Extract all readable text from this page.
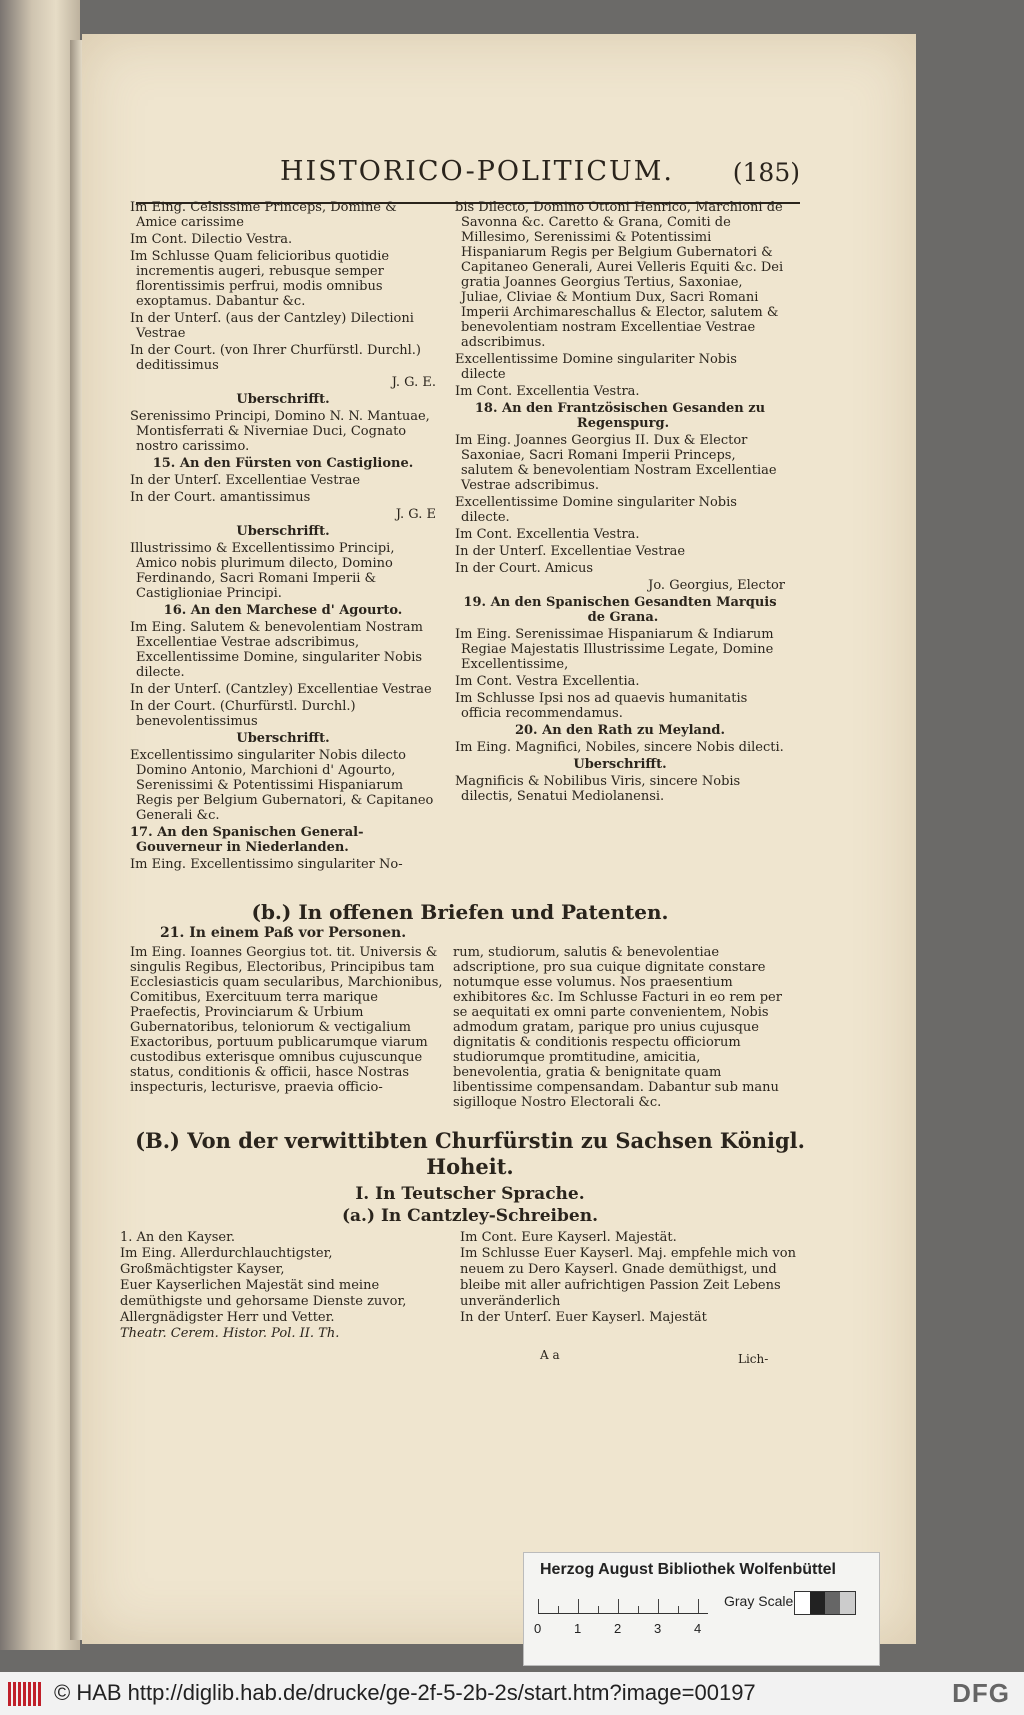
HISTORICO-POLITICUM. (185)

Im Eing. Celsissime Princeps, Domine & Amice carissime

Im Cont. Dilectio Vestra.

Im Schlusse Quam felicioribus quotidie incrementis augeri, rebusque semper florentissimis perfrui, modis omnibus exoptamus. Dabantur &c.

In der Unterſ. (aus der Cantzley) Dilectioni Vestrae

In der Court. (von Ihrer Churfürstl. Durchl.) deditissimus

J. G. E.

Uberschrifft.

Serenissimo Principi, Domino N. N. Mantuae, Montisferrati & Niverniae Duci, Cognato nostro carissimo.

15. An den Fürsten von Castiglione.

In der Unterſ. Excellentiae Vestrae

In der Court. amantissimus

J. G. E

Uberschrifft.

Illustrissimo & Excellentissimo Principi, Amico nobis plurimum dilecto, Domino Ferdinando, Sacri Romani Imperii & Castiglioniae Principi.

16. An den Marchese d' Agourto.

Im Eing. Salutem & benevolentiam Nostram Excellentiae Vestrae adscribimus, Excellentissime Domine, singulariter Nobis dilecte.

In der Unterſ. (Cantzley) Excellentiae Vestrae

In der Court. (Churfürstl. Durchl.) benevolentissimus

Uberschrifft.

Excellentissimo singulariter Nobis dilecto Domino Antonio, Marchioni d' Agourto, Serenissimi & Potentissimi Hispaniarum Regis per Belgium Gubernatori, & Capitaneo Generali &c.

17. An den Spanischen General-Gouverneur in Niederlanden.

Im Eing. Excellentissimo singulariter No-

bis Dilecto, Domino Ottoni Henrico, Marchioni de Savonna &c. Caretto & Grana, Comiti de Millesimo, Serenissimi & Potentissimi Hispaniarum Regis per Belgium Gubernatori & Capitaneo Generali, Aurei Velleris Equiti &c. Dei gratia Joannes Georgius Tertius, Saxoniae, Juliae, Cliviae & Montium Dux, Sacri Romani Imperii Archimareschallus & Elector, salutem & benevolentiam nostram Excellentiae Vestrae adscribimus.

Excellentissime Domine singulariter Nobis dilecte

Im Cont. Excellentia Vestra.

18. An den Frantzösischen Gesanden zu Regenspurg.

Im Eing. Joannes Georgius II. Dux & Elector Saxoniae, Sacri Romani Imperii Princeps, salutem & benevolentiam Nostram Excellentiae Vestrae adscribimus.

Excellentissime Domine singulariter Nobis dilecte.

Im Cont. Excellentia Vestra.

In der Unterſ. Excellentiae Vestrae

In der Court. Amicus

Jo. Georgius, Elector

19. An den Spanischen Gesandten Marquis de Grana.

Im Eing. Serenissimae Hispaniarum & Indiarum Regiae Majestatis Illustrissime Legate, Domine Excellentissime,

Im Cont. Vestra Excellentia.

Im Schlusse Ipsi nos ad quaevis humanitatis officia recommendamus.

20. An den Rath zu Meyland.

Im Eing. Magnifici, Nobiles, sincere Nobis dilecti.

Uberschrifft.

Magnificis & Nobilibus Viris, sincere Nobis dilectis, Senatui Mediolanensi.

(b.) In offenen Briefen und Patenten.

21. In einem Paß vor Personen.

Im Eing. Ioannes Georgius tot. tit. Universis & singulis Regibus, Electoribus, Principibus tam Ecclesiasticis quam secularibus, Marchionibus, Comitibus, Exercituum terra marique Praefectis, Provinciarum & Urbium Gubernatoribus, teloniorum & vectigalium Exactoribus, portuum publicarumque viarum custodibus exterisque omnibus cujuscunque status, conditionis & officii, hasce Nostras inspecturis, lecturisve, praevia officio-
rum, studiorum, salutis & benevolentiae adscriptione, pro sua cuique dignitate constare notumque esse volumus. Nos praesentium exhibitores &c. Im Schlusse Facturi in eo rem per se aequitati ex omni parte convenientem, Nobis admodum gratam, parique pro unius cujusque dignitatis & conditionis respectu officiorum studiorumque promtitudine, amicitia, benevolentia, gratia & benignitate quam libentissime compensandam. Dabantur sub manu sigilloque Nostro Electorali &c.

(B.) Von der verwittibten Churfürstin zu Sachsen Königl. Hoheit.

I. In Teutscher Sprache.

(a.) In Cantzley-Schreiben.

1. An den Kayser.
Im Eing. Allerdurchlauchtigster, Großmächtigster Kayser,
Euer Kayserlichen Majestät sind meine demüthigste und gehorsame Dienste zuvor,
Allergnädigster Herr und Vetter.
Theatr. Cerem. Histor. Pol. II. Th.
Im Cont. Eure Kayserl. Majestät.
Im Schlusse Euer Kayserl. Maj. empfehle mich von neuem zu Dero Kayserl. Gnade demüthigst, und bleibe mit aller aufrichtigen Passion Zeit Lebens unveränderlich
In der Unterſ. Euer Kayserl. Majestät
A a	Lich-
Herzog August Bibliothek Wolfenbüttel
0	1	2	3	4
Gray Scale
© HAB http://diglib.hab.de/drucke/ge-2f-5-2b-2s/start.htm?image=00197	DFG
